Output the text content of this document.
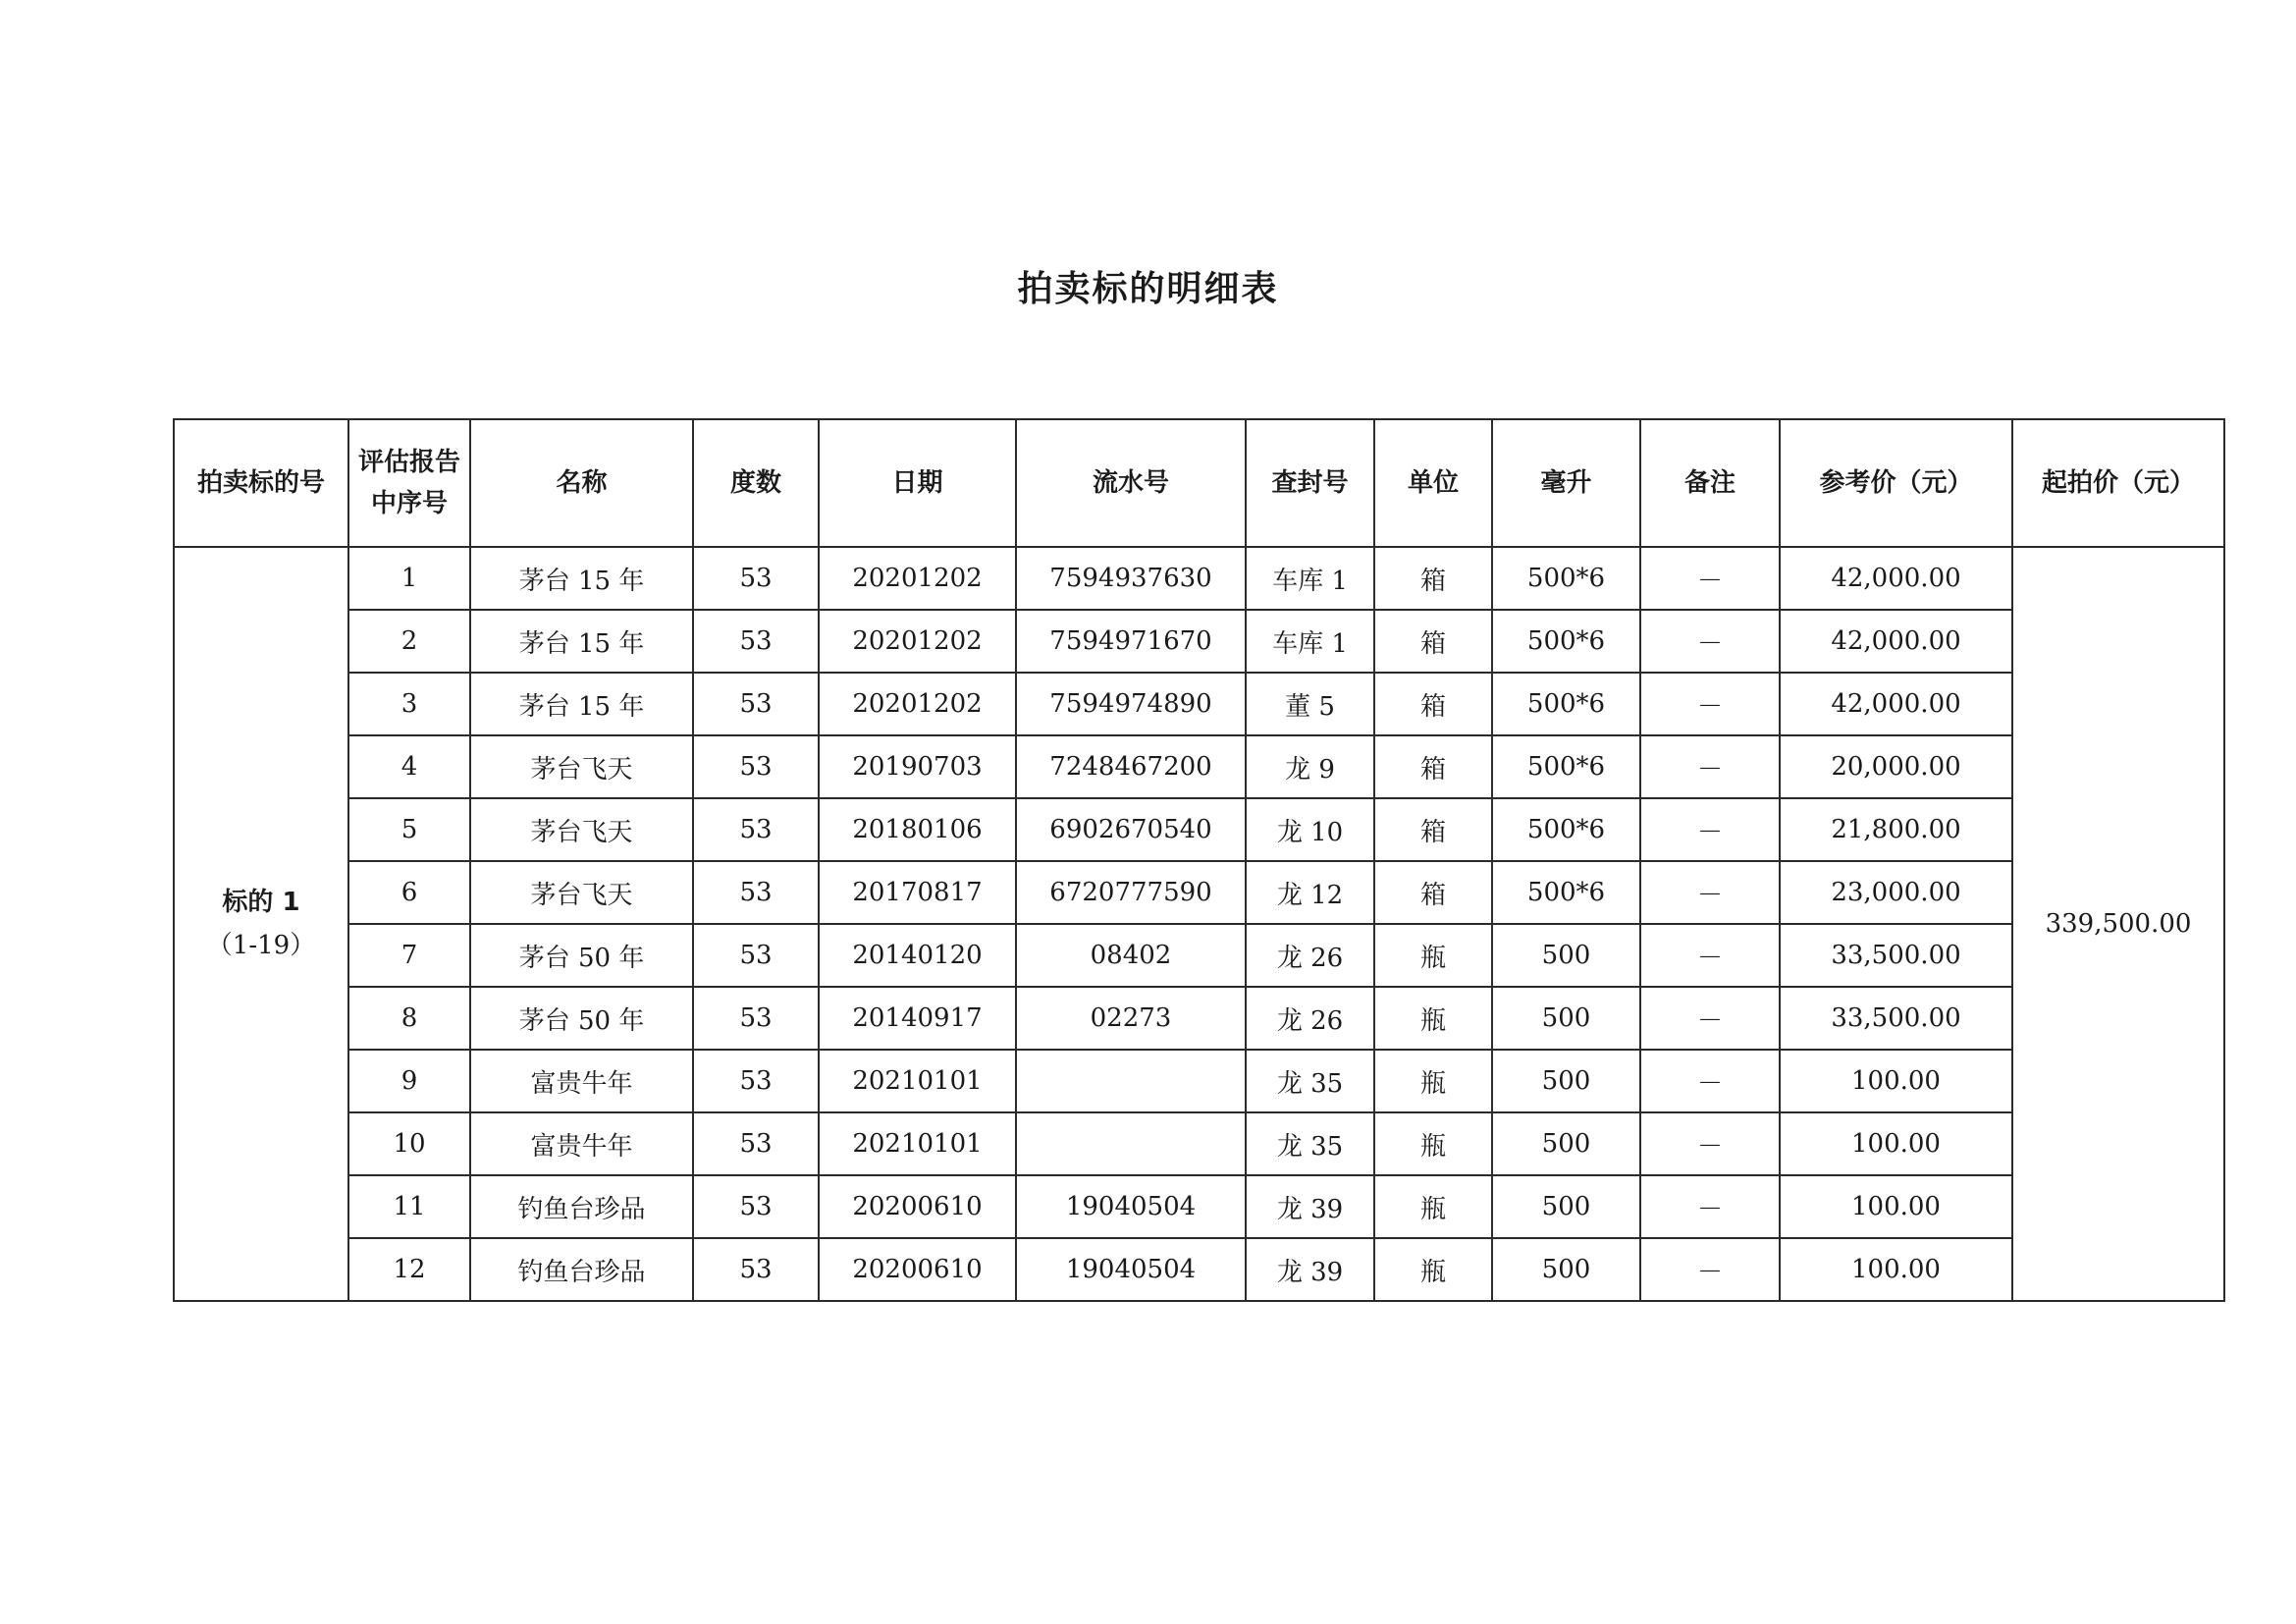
拍卖标的明细表
拍卖标的号	评估报告中序号	名称	度数	日期	流水号	查封号	单位	毫升	备注	参考价（元）	起拍价（元）

标的 1
（1-19）	1	茅台 15 年	53	20201202	7594937630	车库 1	箱	500*6	－	42,000.00	339,500.00
	2	茅台 15 年	53	20201202	7594971670	车库 1	箱	500*6	－	42,000.00	
	3	茅台 15 年	53	20201202	7594974890	董 5	箱	500*6	－	42,000.00	
	4	茅台飞天	53	20190703	7248467200	龙 9	箱	500*6	－	20,000.00	
	5	茅台飞天	53	20180106	6902670540	龙 10	箱	500*6	－	21,800.00	
	6	茅台飞天	53	20170817	6720777590	龙 12	箱	500*6	－	23,000.00	
	7	茅台 50 年	53	20140120	08402	龙 26	瓶	500	－	33,500.00	
	8	茅台 50 年	53	20140917	02273	龙 26	瓶	500	－	33,500.00	
	9	富贵牛年	53	20210101		龙 35	瓶	500	－	100.00	
	10	富贵牛年	53	20210101		龙 35	瓶	500	－	100.00	
	11	钓鱼台珍品	53	20200610	19040504	龙 39	瓶	500	－	100.00	
	12	钓鱼台珍品	53	20200610	19040504	龙 39	瓶	500	－	100.00	
